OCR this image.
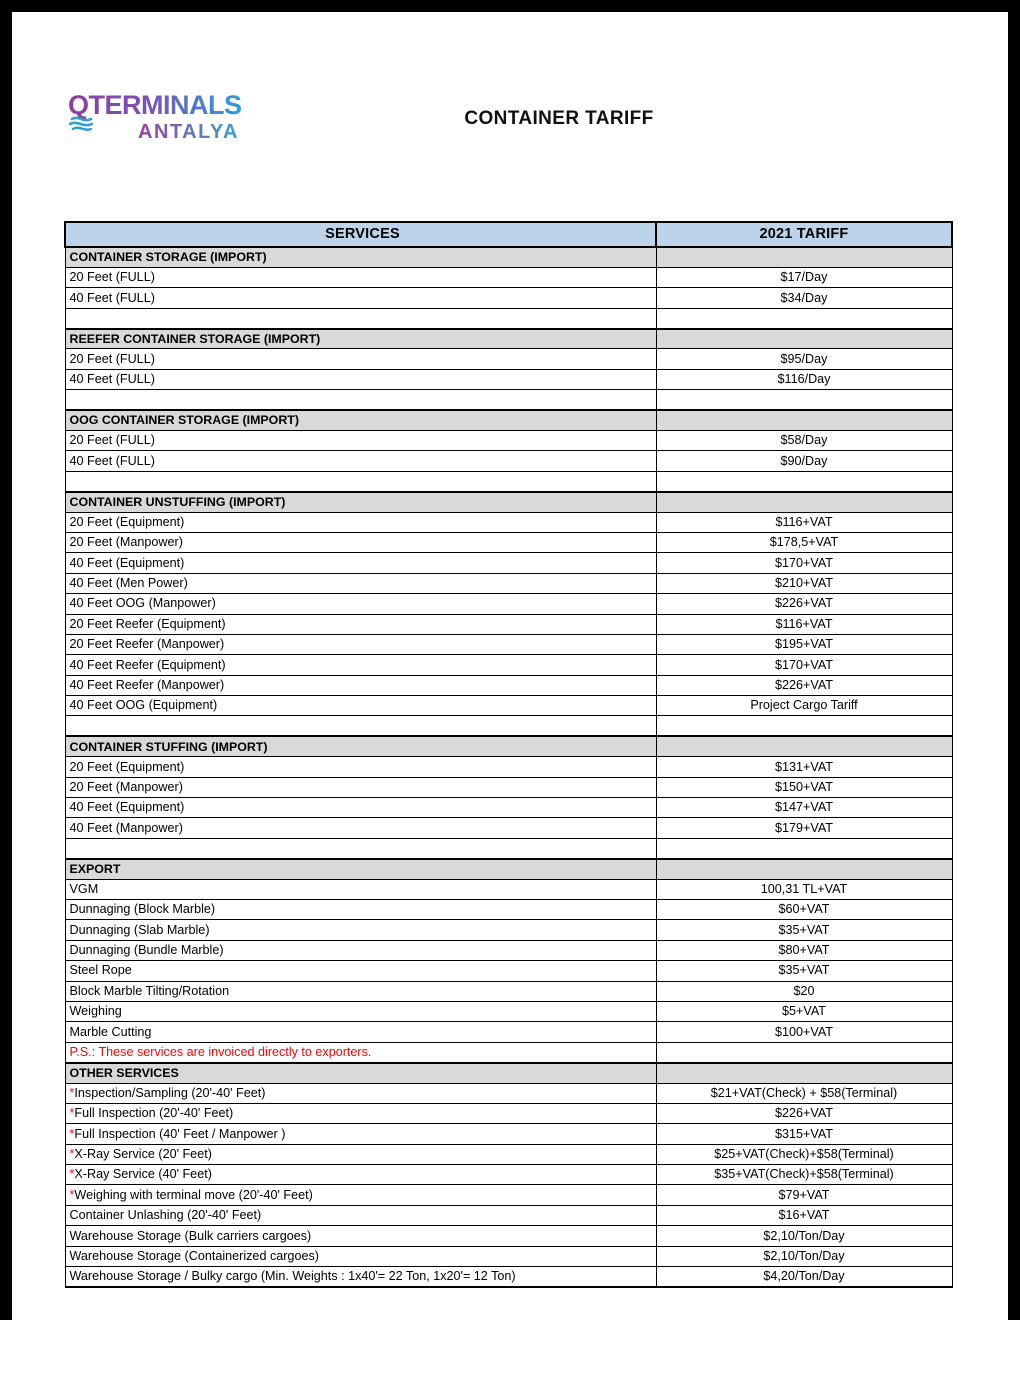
QTERMINALS
ANTALYA
CONTAINER TARIFF
SERVICES	2021 TARIFF
CONTAINER STORAGE (IMPORT)	
20 Feet (FULL)	$17/Day
40 Feet (FULL)	$34/Day

REEFER CONTAINER STORAGE (IMPORT)	
20 Feet (FULL)	$95/Day
40 Feet (FULL)	$116/Day

OOG CONTAINER STORAGE (IMPORT)	
20 Feet (FULL)	$58/Day
40 Feet (FULL)	$90/Day

CONTAINER UNSTUFFING (IMPORT)	
20 Feet (Equipment)	$116+VAT
20 Feet (Manpower)	$178,5+VAT
40 Feet (Equipment)	$170+VAT
40 Feet (Men Power)	$210+VAT
40 Feet OOG (Manpower)	$226+VAT
20 Feet Reefer (Equipment)	$116+VAT
20 Feet Reefer (Manpower)	$195+VAT
40 Feet Reefer (Equipment)	$170+VAT
40 Feet Reefer (Manpower)	$226+VAT
40 Feet OOG (Equipment)	Project Cargo Tariff

CONTAINER STUFFING (IMPORT)	
20 Feet (Equipment)	$131+VAT
20 Feet (Manpower)	$150+VAT
40 Feet (Equipment)	$147+VAT
40 Feet (Manpower)	$179+VAT

EXPORT	
VGM	100,31 TL+VAT
Dunnaging (Block Marble)	$60+VAT
Dunnaging (Slab Marble)	$35+VAT
Dunnaging (Bundle Marble)	$80+VAT
Steel Rope	$35+VAT
Block Marble Tilting/Rotation	$20
Weighing	$5+VAT
Marble Cutting	$100+VAT
P.S.: These services are invoiced directly to exporters.	
OTHER SERVICES	
*Inspection/Sampling (20'-40' Feet)	$21+VAT(Check) + $58(Terminal)
*Full Inspection (20'-40' Feet)	$226+VAT
*Full Inspection (40' Feet / Manpower )	$315+VAT
*X-Ray Service (20' Feet)	$25+VAT(Check)+$58(Terminal)
*X-Ray Service (40' Feet)	$35+VAT(Check)+$58(Terminal)
*Weighing with terminal move (20'-40' Feet)	$79+VAT
Container Unlashing (20'-40' Feet)	$16+VAT
Warehouse Storage (Bulk carriers cargoes)	$2,10/Ton/Day
Warehouse Storage (Containerized cargoes)	$2,10/Ton/Day
Warehouse Storage / Bulky cargo (Min. Weights : 1x40'= 22 Ton, 1x20'= 12 Ton)	$4,20/Ton/Day
